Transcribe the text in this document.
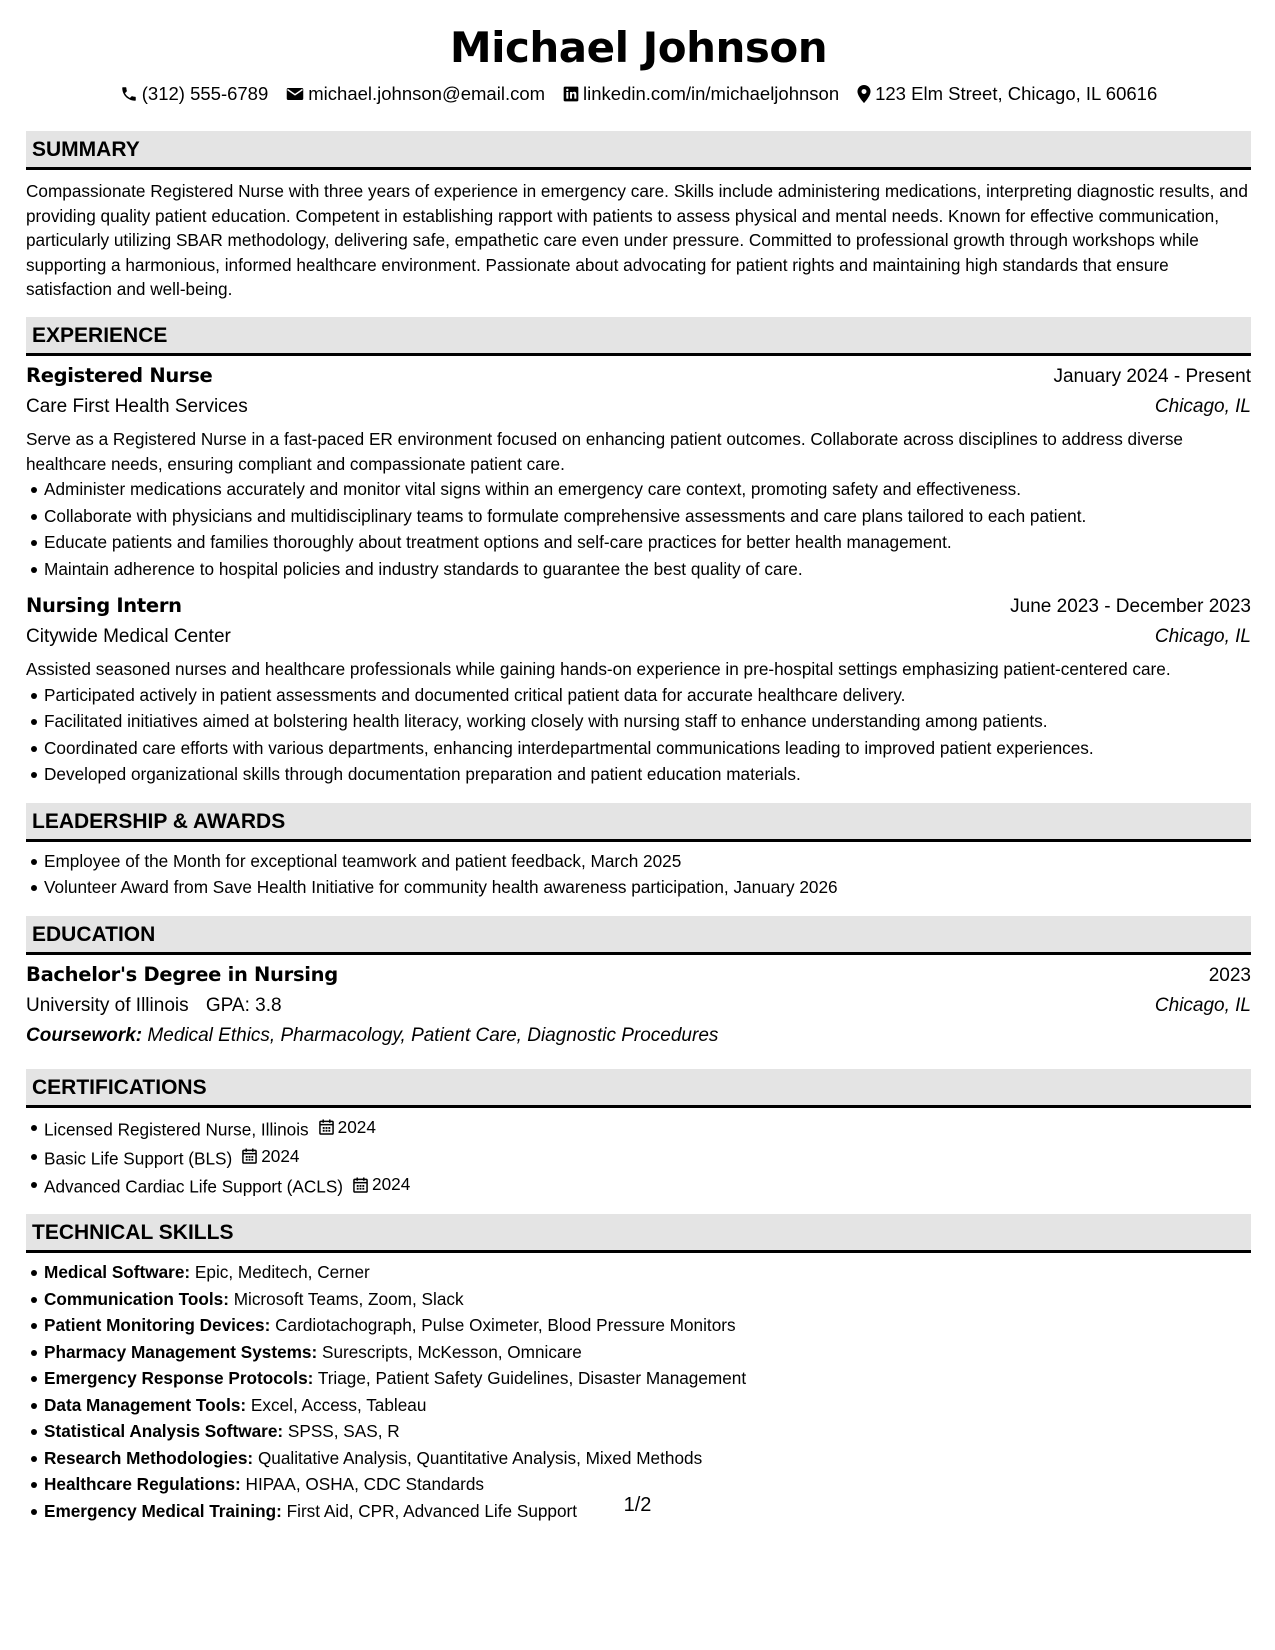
Michael Johnson
(312) 555-6789 michael.johnson@email.com linkedin.com/in/michaeljohnson 123 Elm Street, Chicago, IL 60616
SUMMARY

Compassionate Registered Nurse with three years of experience in emergency care. Skills include administering medications, interpreting diagnostic results, and providing quality patient education. Competent in establishing rapport with patients to assess physical and mental needs. Known for effective communication, particularly utilizing SBAR methodology, delivering safe, empathetic care even under pressure. Committed to professional growth through workshops while supporting a harmonious, informed healthcare environment. Passionate about advocating for patient rights and maintaining high standards that ensure satisfaction and well-being.

EXPERIENCE
Registered Nurse	January 2024 - Present
Care First Health Services	Chicago, IL
Serve as a Registered Nurse in a fast-paced ER environment focused on enhancing patient outcomes. Collaborate across disciplines to address diverse healthcare needs, ensuring compliant and compassionate patient care.
Administer medications accurately and monitor vital signs within an emergency care context, promoting safety and effectiveness.
Collaborate with physicians and multidisciplinary teams to formulate comprehensive assessments and care plans tailored to each patient.
Educate patients and families thoroughly about treatment options and self-care practices for better health management.
Maintain adherence to hospital policies and industry standards to guarantee the best quality of care.
Nursing Intern	June 2023 - December 2023
Citywide Medical Center	Chicago, IL
Assisted seasoned nurses and healthcare professionals while gaining hands-on experience in pre-hospital settings emphasizing patient-centered care.
Participated actively in patient assessments and documented critical patient data for accurate healthcare delivery.
Facilitated initiatives aimed at bolstering health literacy, working closely with nursing staff to enhance understanding among patients.
Coordinated care efforts with various departments, enhancing interdepartmental communications leading to improved patient experiences.
Developed organizational skills through documentation preparation and patient education materials.
LEADERSHIP & AWARDS
Employee of the Month for exceptional teamwork and patient feedback, March 2025
Volunteer Award from Save Health Initiative for community health awareness participation, January 2026
EDUCATION
Bachelor's Degree in Nursing	2023
University of Illinois GPA: 3.8	Chicago, IL
Coursework: Medical Ethics, Pharmacology, Patient Care, Diagnostic Procedures
CERTIFICATIONS
Licensed Registered Nurse, Illinois 2024
Basic Life Support (BLS) 2024
Advanced Cardiac Life Support (ACLS) 2024
TECHNICAL SKILLS
Medical Software: Epic, Meditech, Cerner
Communication Tools: Microsoft Teams, Zoom, Slack
Patient Monitoring Devices: Cardiotachograph, Pulse Oximeter, Blood Pressure Monitors
Pharmacy Management Systems: Surescripts, McKesson, Omnicare
Emergency Response Protocols: Triage, Patient Safety Guidelines, Disaster Management
Data Management Tools: Excel, Access, Tableau
Statistical Analysis Software: SPSS, SAS, R
Research Methodologies: Qualitative Analysis, Quantitative Analysis, Mixed Methods
Healthcare Regulations: HIPAA, OSHA, CDC Standards
Emergency Medical Training: First Aid, CPR, Advanced Life Support	1/2
